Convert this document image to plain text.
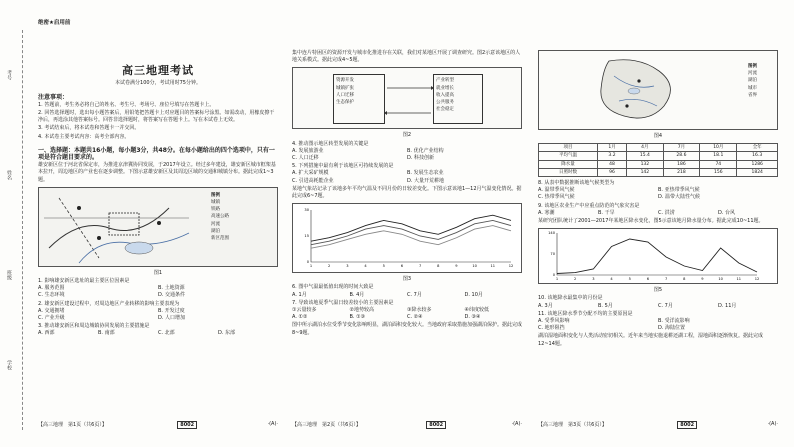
考号
姓名
班级
学校
绝密★启用前
高三地理考试
本试卷满分100分，考试用时75分钟。
注意事项：
1. 答题前，考生务必将自己的姓名、考生号、考场号、座位号填写在答题卡上。
2. 回答选择题时，选出每小题答案后，用铅笔把答题卡上对应题目的答案标号涂黑。如需改动，用橡皮擦干净后，再选涂其他答案标号。回答非选择题时，将答案写在答题卡上。写在本试卷上无效。
3. 考试结束后，将本试卷和答题卡一并交回。
4. 本试卷主要考试内容：高考全部内容。
一、选择题：本题共16小题，每小题3分，共48分。在每小题给出的四个选项中，只有一项是符合题目要求的。
雄安新区位于河北省保定市，为推进京津冀协同发展，于2017年设立。经过多年建设，雄安新区城市框架基本拉开，周边地区的产业也在逐步调整。下图示意雄安新区及其周边区域的交通和城镇分布。据此完成1~3题。
图例
城镇
铁路
高速公路
河流
湖泊
新区范围
图1
1. 影响雄安新区选址的最主要区位因素是
A. 服务范围	B. 土地资源
C. 生态环境	D. 交通条件
2. 雄安新区建设过程中，对周边地区产业转移的影响主要表现为
A. 交通拥堵	B. 开发过度
C. 产业升级	D. 人口增加
3. 推动雄安新区和周边城镇协同发展的主要措施是
A. 西部	B. 南部	C. 北部	D. 东部
【高三地理　第1页（共6页）】	8002	·(A)·
集中连片特困区的资源开发与城市化推进存在关联，我们对某地区开展了调查研究。图2示意该地区的人地关系模式。据此完成4~5题。
资源开发
城镇扩张
人口迁移
生态保护
产业转型
就业增长
收入提高
公共服务
社会稳定
图2
4. 推动图示地区转型发展的关键是
A. 发展旅游业	B. 优化产业结构
C. 人口迁移	D. 科技创新
5. 下列措施中最有利于该地区可持续发展的是
A. 扩大采矿规模	B. 发展生态农业
C. 引进高耗能企业	D. 大量开荒耕地
某地气象站记录了该地多年平均气温及不同月份的日较差变化。下图示意该地1—12月气温变化情况。据此完成6~7题。
1	2	3	4	5	6	7	8	9	10	11	12
0
15
30
图3
6. 图中气温最低值出现的时间大致是
A. 1月	B. 4月	C. 7月	D. 10月
7. 导致该地夏季气温日较差较小的主要因素是
①云量较多	②地势较高	③降水较多	④纬度较低
A. ①②	B. ①③	C. ②④	D. ③④
图中所示湖泊水位受季节变化影响明显，湖泊面积变化较大。当地政府采取措施加强湖泊保护。据此完成8~9题。
【高三地理　第2页（共6页）】	8002	·(A)·
图例
河流
湖泊
城市
省界
图4
项目	1月	4月	7月	10月	全年
平均气温	3.2	15.4	28.6	18.1	16.3
降水量	48	132	186	74	1286
日照时数	96	142	218	156	1824
8. 从表中数据推断该地气候类型为
A. 温带季风气候	B. 亚热带季风气候
C. 热带季风气候	D. 温带大陆性气候
9. 该地区农业生产中应重点防范的气象灾害是
A. 寒潮	B. 干旱	C. 洪涝	D. 台风
某研究团队统计了2001—2017年某地区降水变化，图5示意该地月降水量分布。据此完成10~11题。
1	2	3	4	5	6	7	8	9	10	11	12
0
70
140
图5
10. 该地降水最集中的月份是
A. 3月	B. 5月	C. 7月	D. 11月
11. 该地区降水季节分配不均的主要原因是
A. 受季风影响	B. 受洋流影响
C. 地形阻挡	D. 海陆位置
湖泊湿地面积变化与人类活动密切相关。近年来当地实施退耕还湖工程，湿地面积逐渐恢复。据此完成12~14题。
【高三地理　第3页（共6页）】	8002	·(A)·
